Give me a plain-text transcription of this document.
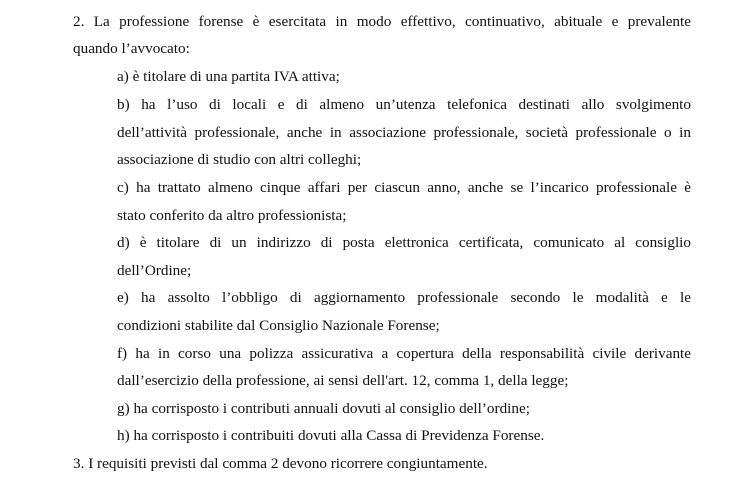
2. La professione forense è esercitata in modo effettivo, continuativo, abituale e prevalente
quando l’avvocato:
a) è titolare di una partita IVA attiva;
b) ha l’uso di locali e di almeno un’utenza telefonica destinati allo svolgimento
dell’attività professionale, anche in associazione professionale, società professionale o in
associazione di studio con altri colleghi;
c) ha trattato almeno cinque affari per ciascun anno, anche se l’incarico professionale è
stato conferito da altro professionista;
d) è titolare di un indirizzo di posta elettronica certificata, comunicato al consiglio
dell’Ordine;
e) ha assolto l’obbligo di aggiornamento professionale secondo le modalità e le
condizioni stabilite dal Consiglio Nazionale Forense;
f) ha in corso una polizza assicurativa a copertura della responsabilità civile derivante
dall’esercizio della professione, ai sensi dell'art. 12, comma 1, della legge;
g) ha corrisposto i contributi annuali dovuti al consiglio dell’ordine;
h) ha corrisposto i contribuiti dovuti alla Cassa di Previdenza Forense.
3. I requisiti previsti dal comma 2 devono ricorrere congiuntamente.
